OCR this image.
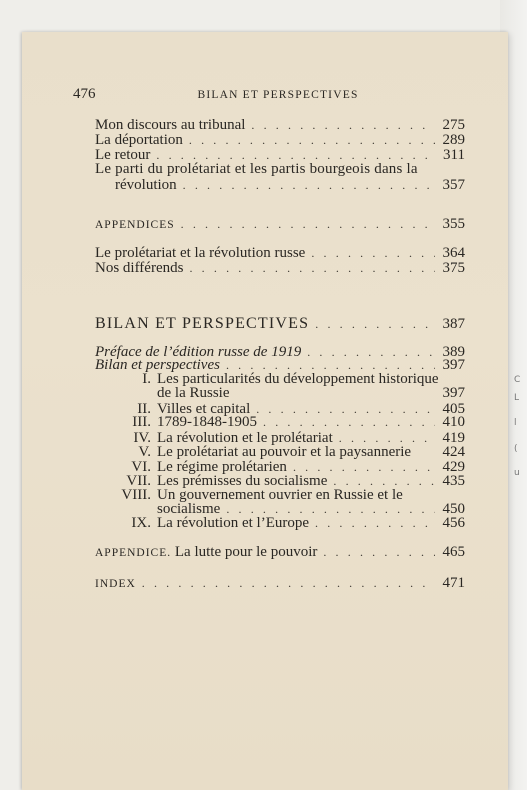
476	BILAN ET PERSPECTIVES
Mon discours au tribunal . . .	275
La déportation . . .	289
Le retour . . .	311
Le parti du prolétariat et les partis bourgeois dans la
révolution . . .	357
APPENDICES . . .	355
Le prolétariat et la révolution russe . . .	364
Nos différends . . .	375
BILAN ET PERSPECTIVES . . .	387
Préface de l’édition russe de 1919 . . .	389
Bilan et perspectives . . .	397
I. Les particularités du développement historique
de la Russie	397
II. Villes et capital . . .	405
III. 1789-1848-1905 . . .	410
IV. La révolution et le prolétariat . . .	419
V. Le prolétariat au pouvoir et la paysannerie 424
VI. Le régime prolétarien . . .	429
VII. Les prémisses du socialisme . . .	435
VIII. Un gouvernement ouvrier en Russie et le
socialisme . . .	450
IX. La révolution et l’Europe . . .	456
APPENDICE. La lutte pour le pouvoir . . .	465
INDEX . . .	471
C
L
l
(
u
